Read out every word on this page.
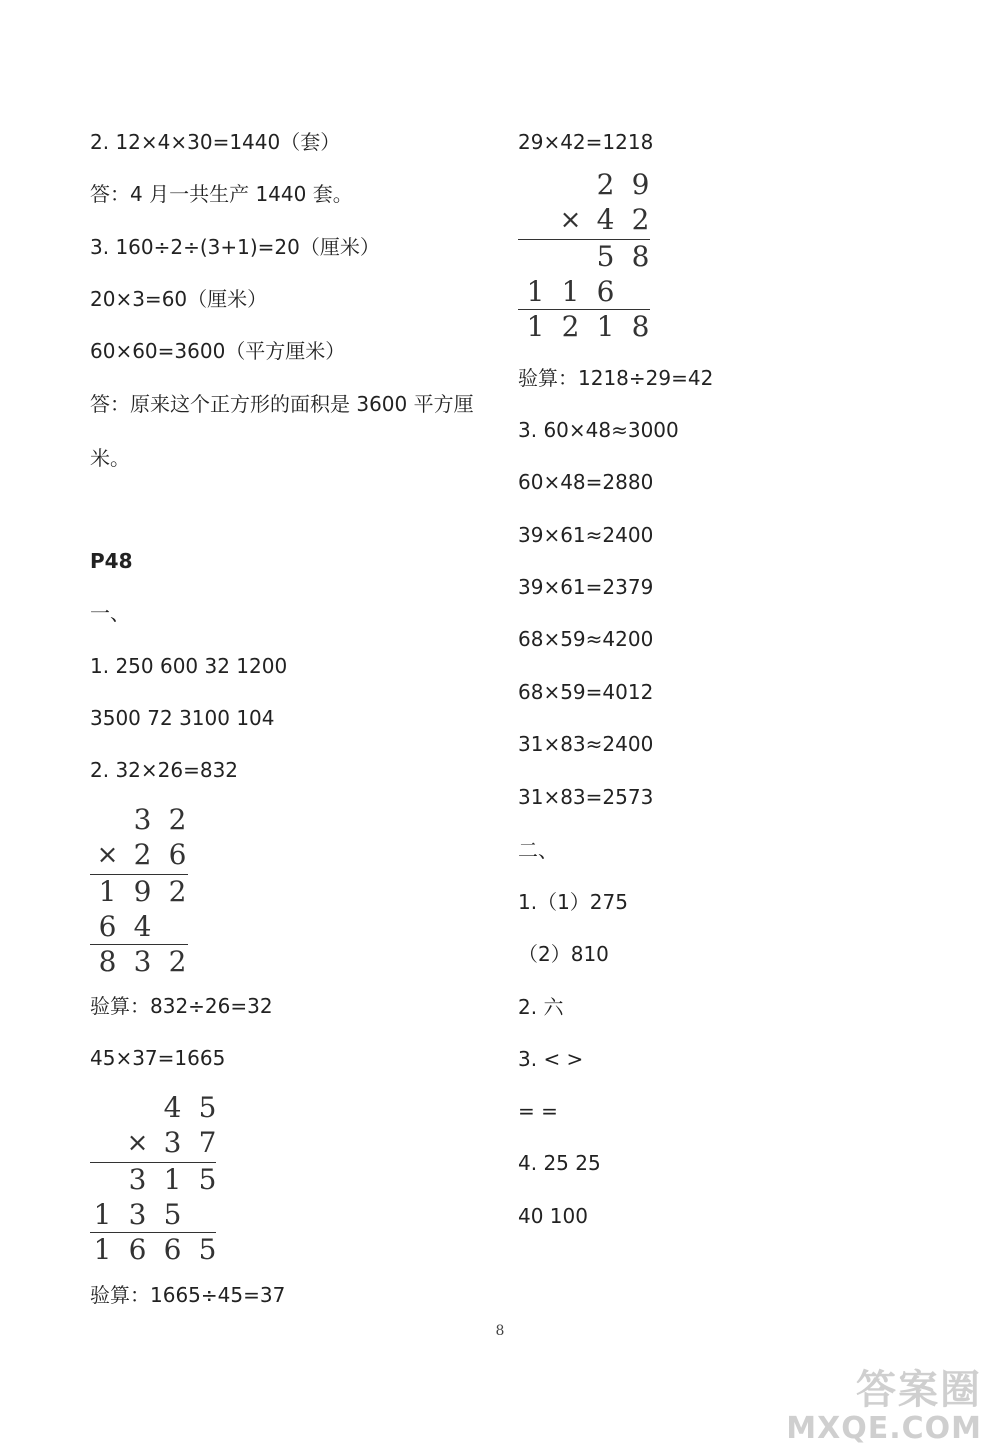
2. 12×4×30=1440（套）
答：4 月一共生产 1440 套。
3. 160÷2÷(3+1)=20（厘米）
20×3=60（厘米）
60×60=3600（平方厘米）
答：原来这个正方形的面积是 3600 平方厘
米。
P48
一、
1. 250 600 32 1200
3500 72 3100 104
2. 32×26=832
3 2
× 2 6
1 9 2
6 4
8 3 2
验算：832÷26=32
45×37=1665
4 5
× 3 7
3 1 5
1 3 5
1 6 6 5
验算：1665÷45=37
29×42=1218
2 9
× 4 2
5 8
1 1 6
1 2 1 8
验算：1218÷29=42
3. 60×48≈3000
60×48=2880
39×61≈2400
39×61=2379
68×59≈4200
68×59=4012
31×83≈2400
31×83=2573
二、
1.（1）275
（2）810
2. 六
3. < >
= =
4. 25 25
40 100
8
答案圈
MXQE.COM
